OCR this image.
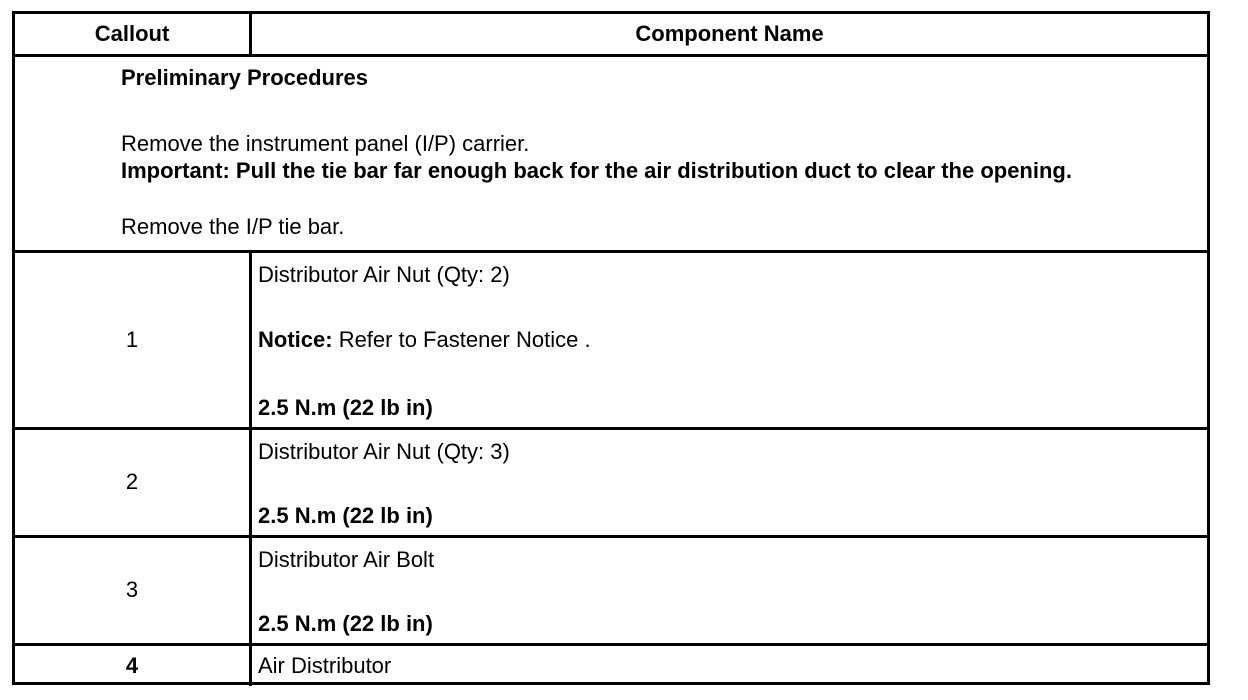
Callout	Component Name
Preliminary Procedures
Remove the instrument panel (I/P) carrier.
Important: Pull the tie bar far enough back for the air distribution duct to clear the opening.
Remove the I/P tie bar.
1
Distributor Air Nut (Qty: 2)
Notice: Refer to Fastener Notice .
2.5 N.m (22 lb in)
2
Distributor Air Nut (Qty: 3)
2.5 N.m (22 lb in)
3
Distributor Air Bolt
2.5 N.m (22 lb in)
4	Air Distributor
